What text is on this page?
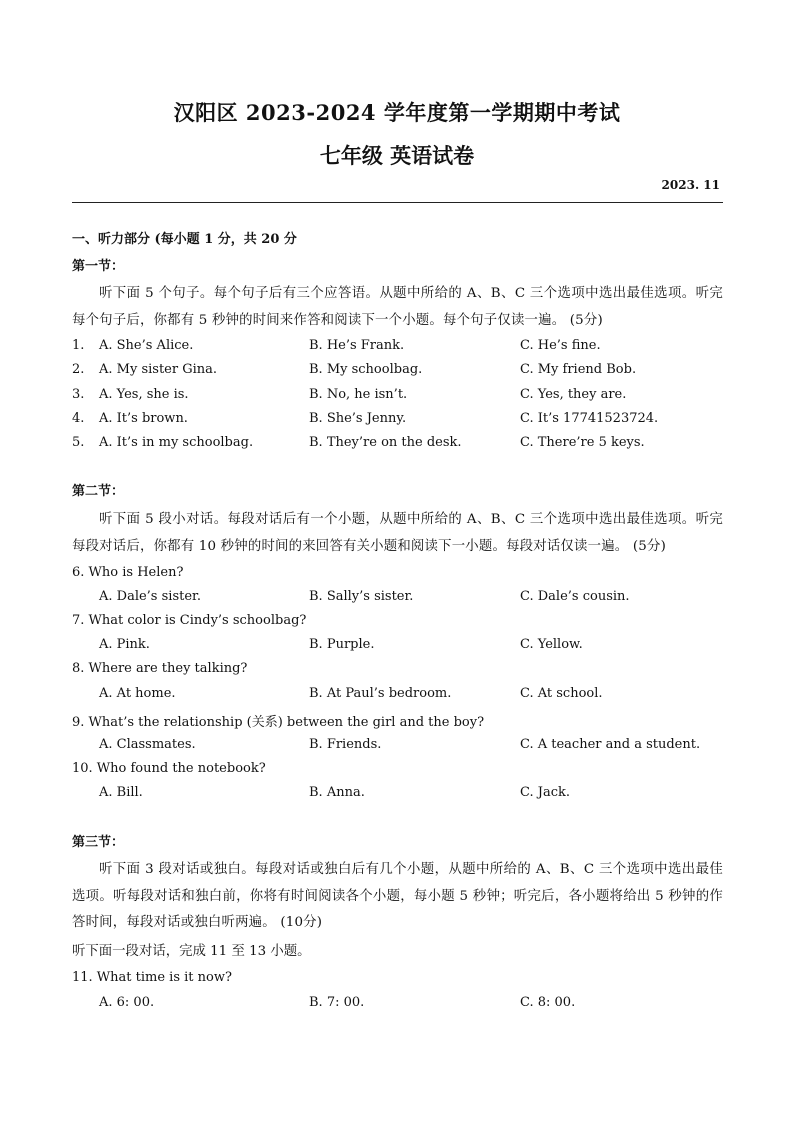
汉阳区 2023-2024 学年度第一学期期中考试
七年级 英语试卷
2023. 11
一、听力部分 (每小题 1 分，共 20 分
第一节：
听下面 5 个句子。每个句子后有三个应答语。从题中所给的 A、B、C 三个选项中选出最佳选项。听完每个句子后，你都有 5 秒钟的时间来作答和阅读下一个小题。每个句子仅读一遍。 (5分)
1. A. She’s Alice.	B. He’s Frank.	C. He’s fine.
2. A. My sister Gina.	B. My schoolbag.	C. My friend Bob.
3. A. Yes, she is.	B. No, he isn’t.	C. Yes, they are.
4. A. It’s brown.	B. She’s Jenny.	C. It’s 17741523724.
5. A. It’s in my schoolbag.	B. They’re on the desk.	C. There’re 5 keys.
第二节：
听下面 5 段小对话。每段对话后有一个小题，从题中所给的 A、B、C 三个选项中选出最佳选项。听完每段对话后，你都有 10 秒钟的时间的来回答有关小题和阅读下一小题。每段对话仅读一遍。 (5分)
6. Who is Helen?
A. Dale’s sister.	B. Sally’s sister.	C. Dale’s cousin.
7. What color is Cindy’s schoolbag?
A. Pink.	B. Purple.	C. Yellow.
8. Where are they talking?
A. At home.	B. At Paul’s bedroom.	C. At school.
9. What’s the relationship (关系) between the girl and the boy?
A. Classmates.	B. Friends.	C. A teacher and a student.
10. Who found the notebook?
A. Bill.	B. Anna.	C. Jack.
第三节：
听下面 3 段对话或独白。每段对话或独白后有几个小题，从题中所给的 A、B、C 三个选项中选出最佳选项。听每段对话和独白前，你将有时间阅读各个小题，每小题 5 秒钟；听完后，各小题将给出 5 秒钟的作答时间，每段对话或独白听两遍。 (10分)
听下面一段对话，完成 11 至 13 小题。
11. What time is it now?
A. 6: 00.	B. 7: 00.	C. 8: 00.
